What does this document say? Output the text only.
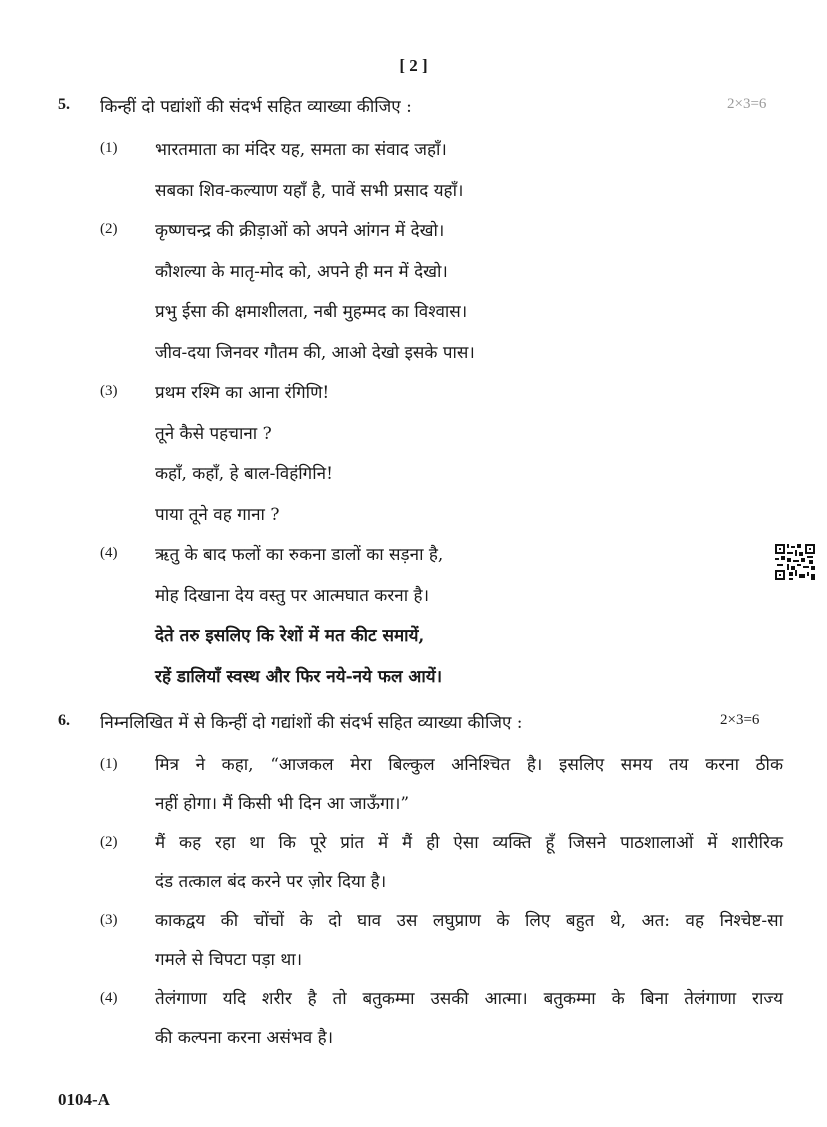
[ 2 ]
5. किन्हीं दो पद्यांशों की संदर्भ सहित व्याख्या कीजिए :	2×3=6
(1) भारतमाता का मंदिर यह, समता का संवाद जहाँ।
सबका शिव-कल्याण यहाँ है, पावें सभी प्रसाद यहाँ।
(2) कृष्णचन्द्र की क्रीड़ाओं को अपने आंगन में देखो।
कौशल्या के मातृ-मोद को, अपने ही मन में देखो।
प्रभु ईसा की क्षमाशीलता, नबी मुहम्मद का विश्वास।
जीव-दया जिनवर गौतम की, आओ देखो इसके पास।
(3) प्रथम रश्मि का आना रंगिणि!
तूने कैसे पहचाना ?
कहाँ, कहाँ, हे बाल-विहंगिनि!
पाया तूने वह गाना ?
(4) ऋतु के बाद फलों का रुकना डालों का सड़ना है,
मोह दिखाना देय वस्तु पर आत्मघात करना है।
देते तरु इसलिए कि रेशों में मत कीट समायें,
रहें डालियाँ स्वस्थ और फिर नये-नये फल आयें।
6. निम्नलिखित में से किन्हीं दो गद्यांशों की संदर्भ सहित व्याख्या कीजिए :	2×3=6
(1) मित्र ने कहा, “आजकल मेरा बिल्कुल अनिश्चित है। इसलिए समय तय करना ठीक
नहीं होगा। मैं किसी भी दिन आ जाऊँगा।”
(2) मैं कह रहा था कि पूरे प्रांत में मैं ही ऐसा व्यक्ति हूँ जिसने पाठशालाओं में शारीरिक
दंड तत्काल बंद करने पर ज़ोर दिया है।
(3) काकद्वय की चोंचों के दो घाव उस लघुप्राण के लिए बहुत थे, अत: वह निश्चेष्ट-सा
गमले से चिपटा पड़ा था।
(4) तेलंगाणा यदि शरीर है तो बतुकम्मा उसकी आत्मा। बतुकम्मा के बिना तेलंगाणा राज्य
की कल्पना करना असंभव है।
0104-A
